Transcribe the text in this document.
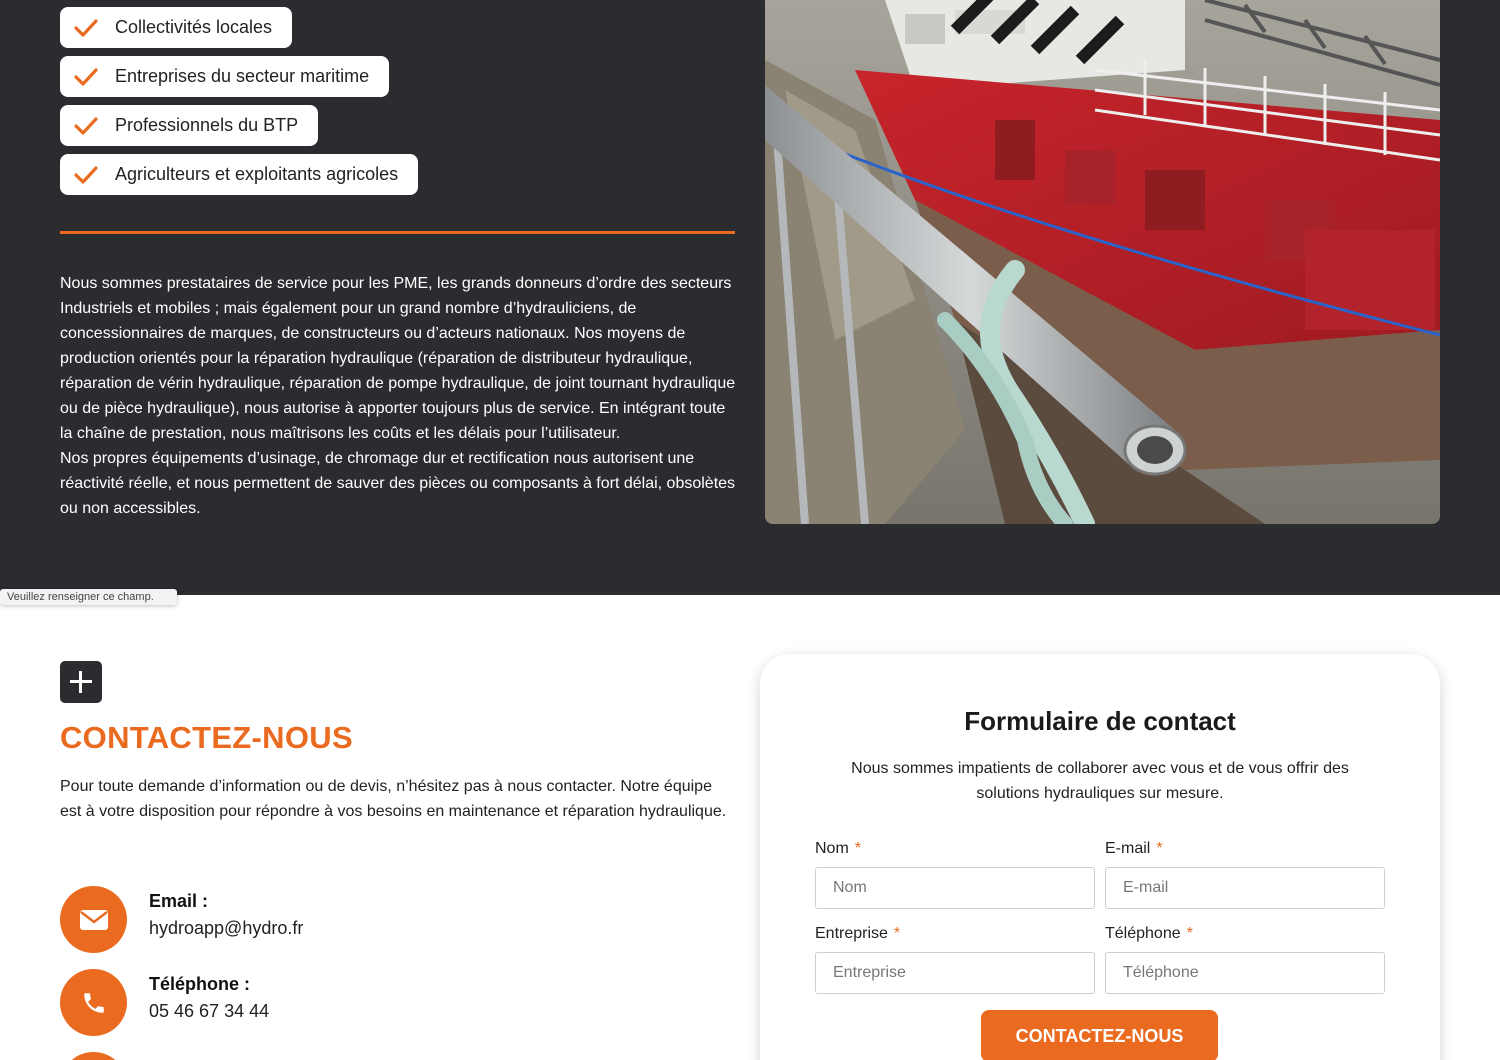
Collectivités locales
Entreprises du secteur maritime
Professionnels du BTP
Agriculteurs et exploitants agricoles

Nous sommes prestataires de service pour les PME, les grands donneurs d’ordre des secteurs Industriels et mobiles ; mais également pour un grand nombre d’hydrauliciens, de concessionnaires de marques, de constructeurs ou d’acteurs nationaux. Nos moyens de production orientés pour la réparation hydraulique (réparation de distributeur hydraulique, réparation de vérin hydraulique, réparation de pompe hydraulique, de joint tournant hydraulique ou de pièce hydraulique), nous autorise à apporter toujours plus de service. En intégrant toute la chaîne de prestation, nous maîtrisons les coûts et les délais pour l’utilisateur.

Nos propres équipements d’usinage, de chromage dur et rectification nous autorisent une réactivité réelle, et nous permettent de sauver des pièces ou composants à fort délai, obsolètes ou non accessibles.

Veuillez renseigner ce champ.
CONTACTEZ-NOUS

Pour toute demande d’information ou de devis, n’hésitez pas à nous contacter. Notre équipe est à votre disposition pour répondre à vos besoins en maintenance et réparation hydraulique.

Email :
hydroapp@hydro.fr
Téléphone :
05 46 67 34 44
Formulaire de contact

Nous sommes impatients de collaborer avec vous et de vous offrir des solutions hydrauliques sur mesure.

Nom *
Nom	E-mail *
E-mail
Entreprise *
Entreprise	Téléphone *
Téléphone
CONTACTEZ-NOUS
